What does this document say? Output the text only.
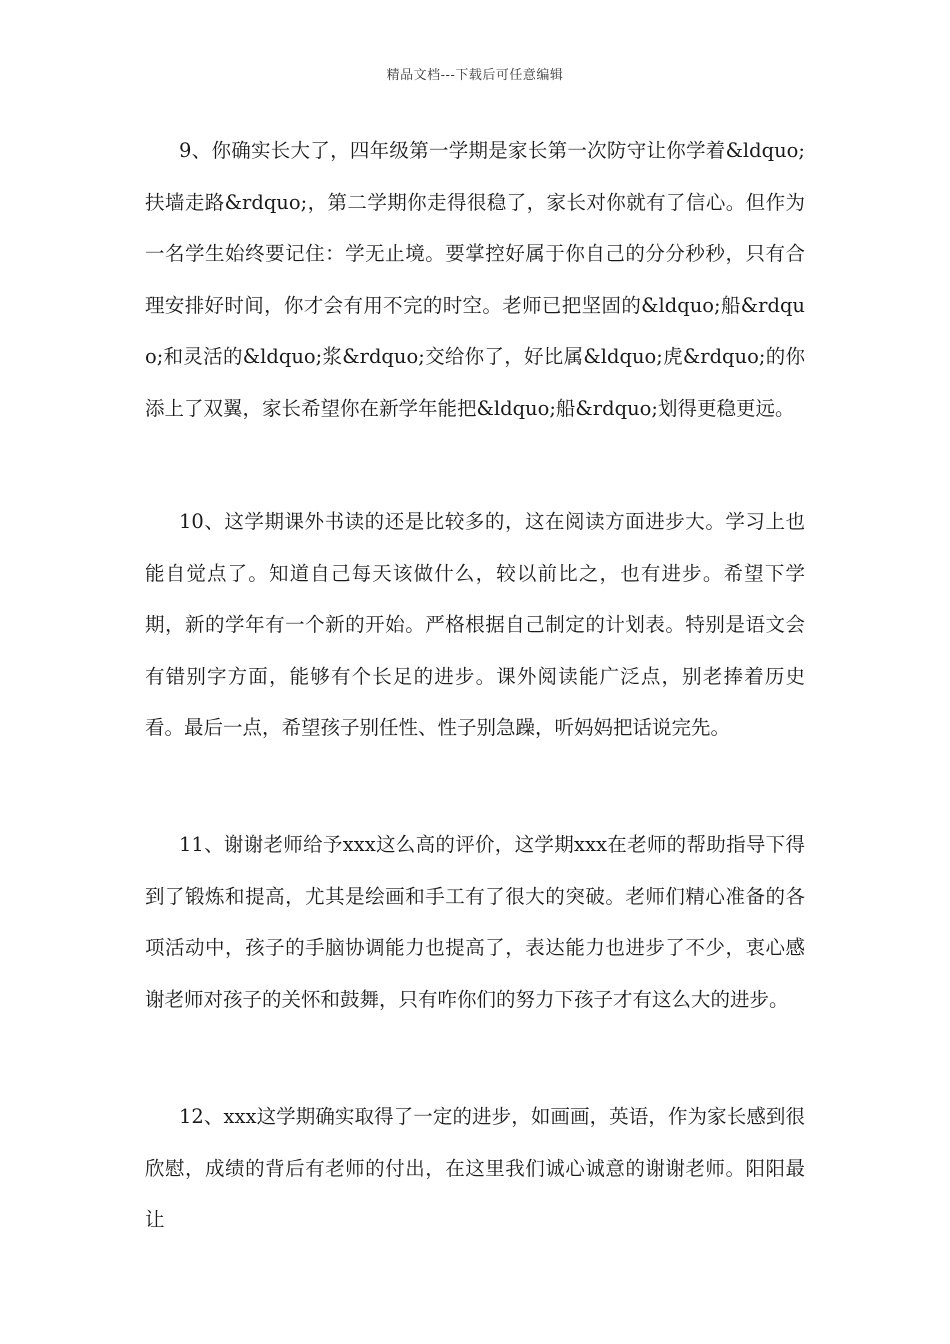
精品文档---下载后可任意编辑

9、你确实长大了，四年级第一学期是家长第一次防守让你学着&ldquo;扶墙走路&rdquo;，第二学期你走得很稳了，家长对你就有了信心。但作为一名学生始终要记住：学无止境。要掌控好属于你自己的分分秒秒，只有合理安排好时间，你才会有用不完的时空。老师已把坚固的&ldquo;船&rdquo;和灵活的&ldquo;浆&rdquo;交给你了，好比属&ldquo;虎&rdquo;的你添上了双翼，家长希望你在新学年能把&ldquo;船&rdquo;划得更稳更远。

10、这学期课外书读的还是比较多的，这在阅读方面进步大。学习上也能自觉点了。知道自己每天该做什么，较以前比之，也有进步。希望下学期，新的学年有一个新的开始。严格根据自己制定的计划表。特别是语文会有错别字方面，能够有个长足的进步。课外阅读能广泛点，别老捧着历史看。最后一点，希望孩子别任性、性子别急躁，听妈妈把话说完先。

11、谢谢老师给予xxx这么高的评价，这学期xxx在老师的帮助指导下得到了锻炼和提高，尤其是绘画和手工有了很大的突破。老师们精心准备的各项活动中，孩子的手脑协调能力也提高了，表达能力也进步了不少，衷心感谢老师对孩子的关怀和鼓舞，只有咋你们的努力下孩子才有这么大的进步。

12、xxx这学期确实取得了一定的进步，如画画，英语，作为家长感到很欣慰，成绩的背后有老师的付出，在这里我们诚心诚意的谢谢老师。阳阳最让
